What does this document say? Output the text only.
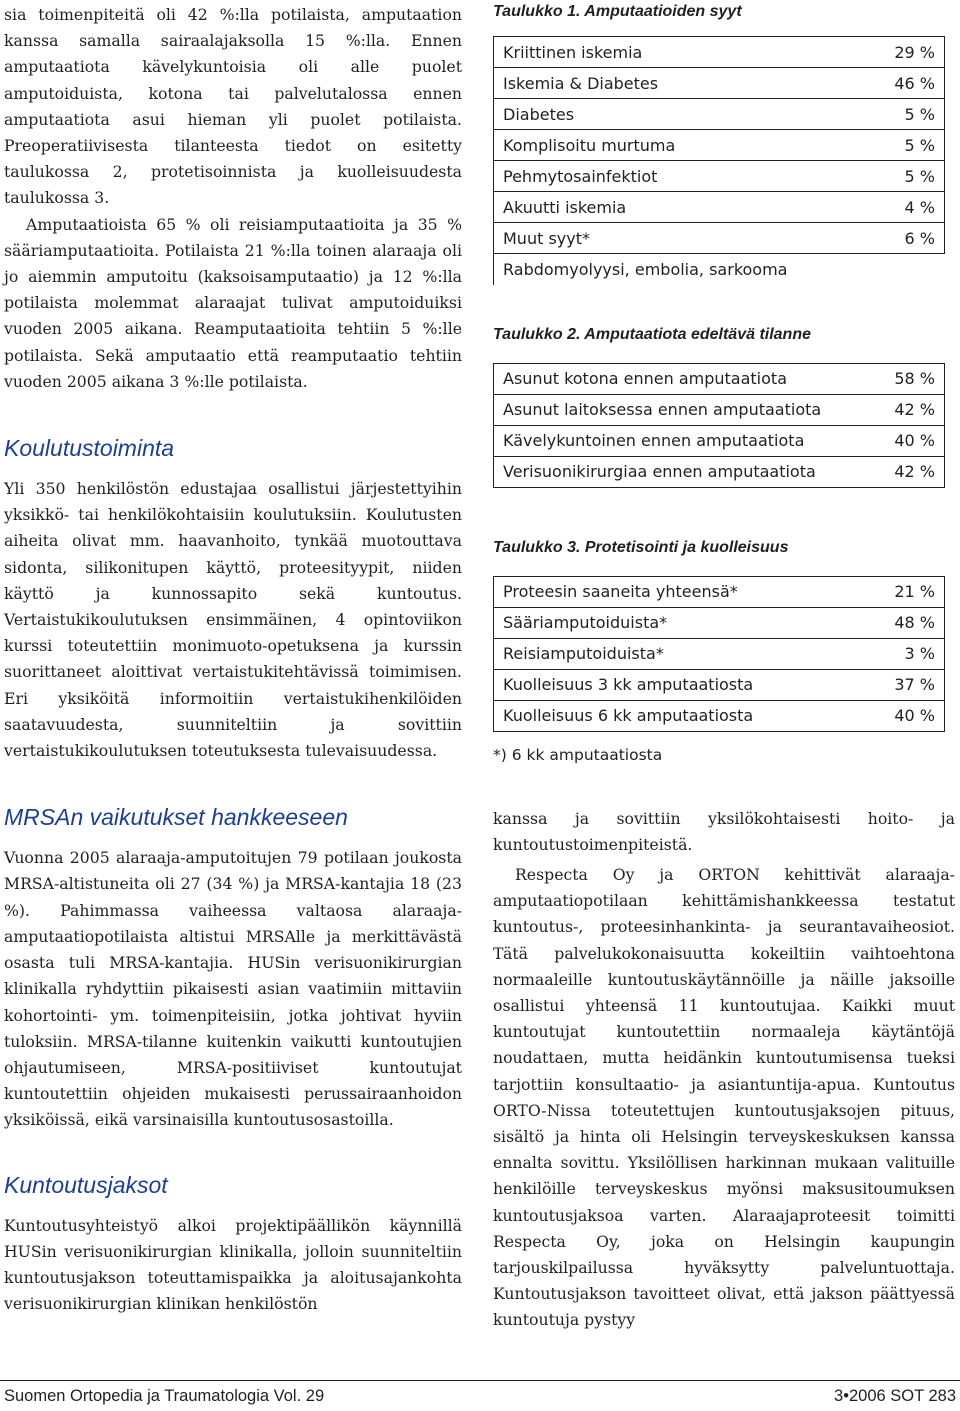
sia toimenpiteitä oli 42 %:lla potilaista, amputaation kanssa samalla sairaalajaksolla 15 %:lla. Ennen amputaatiota kävelykuntoisia oli alle puolet amputoiduista, kotona tai palvelutalossa ennen amputaatiota asui hieman yli puolet potilaista. Preoperatiivisesta tilanteesta tiedot on esitetty taulukossa 2, protetisoinnista ja kuolleisuudesta taulukossa 3.

Amputaatioista 65 % oli reisiamputaatioita ja 35 % sääriamputaatioita. Potilaista 21 %:lla toinen alaraaja oli jo aiemmin amputoitu (kaksoisamputaatio) ja 12 %:lla potilaista molemmat alaraajat tulivat amputoiduiksi vuoden 2005 aikana. Reamputaatioita tehtiin 5 %:lle potilaista. Sekä amputaatio että reamputaatio tehtiin vuoden 2005 aikana 3 %:lle potilaista.

Koulutustoiminta

Yli 350 henkilöstön edustajaa osallistui järjestettyihin yksikkö- tai henkilökohtaisiin koulutuksiin. Koulutusten aiheita olivat mm. haavanhoito, tynkää muotouttava sidonta, silikonitupen käyttö, proteesityypit, niiden käyttö ja kunnossapito sekä kuntoutus. Vertaistukikoulutuksen ensimmäinen, 4 opintoviikon kurssi toteutettiin monimuoto-opetuksena ja kurssin suorittaneet aloittivat vertaistukitehtävissä toimimisen. Eri yksiköitä informoitiin vertaistukihenkilöiden saatavuudesta, suunniteltiin ja sovittiin vertaistukikoulutuksen toteutuksesta tulevaisuudessa.

MRSAn vaikutukset hankkeeseen

Vuonna 2005 alaraaja-amputoitujen 79 potilaan joukosta MRSA-altistuneita oli 27 (34 %) ja MRSA-kantajia 18 (23 %). Pahimmassa vaiheessa valtaosa alaraaja-amputaatiopotilaista altistui MRSAlle ja merkittävästä osasta tuli MRSA-kantajia. HUSin verisuonikirurgian klinikalla ryhdyttiin pikaisesti asian vaatimiin mittaviin kohortointi- ym. toimenpiteisiin, jotka johtivat hyviin tuloksiin. MRSA-tilanne kuitenkin vaikutti kuntoutujien ohjautumiseen, MRSA-positiiviset kuntoutujat kuntoutettiin ohjeiden mukaisesti perussairaanhoidon yksiköissä, eikä varsinaisilla kuntoutusosastoilla.

Kuntoutusjaksot

Kuntoutusyhteistyö alkoi projektipäällikön käynnillä HUSin verisuonikirurgian klinikalla, jolloin suunniteltiin kuntoutusjakson toteuttamispaikka ja aloitusajankohta verisuonikirurgian klinikan henkilöstön

Taulukko 1. Amputaatioiden syyt

Kriittinen iskemia	29 %
Iskemia & Diabetes	46 %
Diabetes	5 %
Komplisoitu murtuma	5 %
Pehmytosainfektiot	5 %
Akuutti iskemia	4 %
Muut syyt*	6 %
Rabdomyolyysi, embolia, sarkooma	

Taulukko 2. Amputaatiota edeltävä tilanne

Asunut kotona ennen amputaatiota	58 %
Asunut laitoksessa ennen amputaatiota	42 %
Kävelykuntoinen ennen amputaatiota	40 %
Verisuonikirurgiaa ennen amputaatiota	42 %

Taulukko 3. Protetisointi ja kuolleisuus

Proteesin saaneita yhteensä*	21 %
Sääriamputoiduista*	48 %
Reisiamputoiduista*	3 %
Kuolleisuus 3 kk amputaatiosta	37 %
Kuolleisuus 6 kk amputaatiosta	40 %

*) 6 kk amputaatiosta

kanssa ja sovittiin yksilökohtaisesti hoito- ja kuntoutustoimenpiteistä.

Respecta Oy ja ORTON kehittivät alaraaja-amputaatiopotilaan kehittämishankkeessa testatut kuntoutus-, proteesinhankinta- ja seurantavaiheosiot. Tätä palvelukokonaisuutta kokeiltiin vaihtoehtona normaaleille kuntoutuskäytännöille ja näille jaksoille osallistui yhteensä 11 kuntoutujaa. Kaikki muut kuntoutujat kuntoutettiin normaaleja käytäntöjä noudattaen, mutta heidänkin kuntoutumisensa tueksi tarjottiin konsultaatio- ja asiantuntija-apua. Kuntoutus ORTO-Nissa toteutettujen kuntoutusjaksojen pituus, sisältö ja hinta oli Helsingin terveyskeskuksen kanssa ennalta sovittu. Yksilöllisen harkinnan mukaan valituille henkilöille terveyskeskus myönsi maksusitoumuksen kuntoutusjaksoa varten. Alaraajaproteesit toimitti Respecta Oy, joka on Helsingin kaupungin tarjouskilpailussa hyväksytty palveluntuottaja. Kuntoutusjakson tavoitteet olivat, että jakson päättyessä kuntoutuja pystyy

Suomen Ortopedia ja Traumatologia Vol. 29	3•2006 SOT 283
